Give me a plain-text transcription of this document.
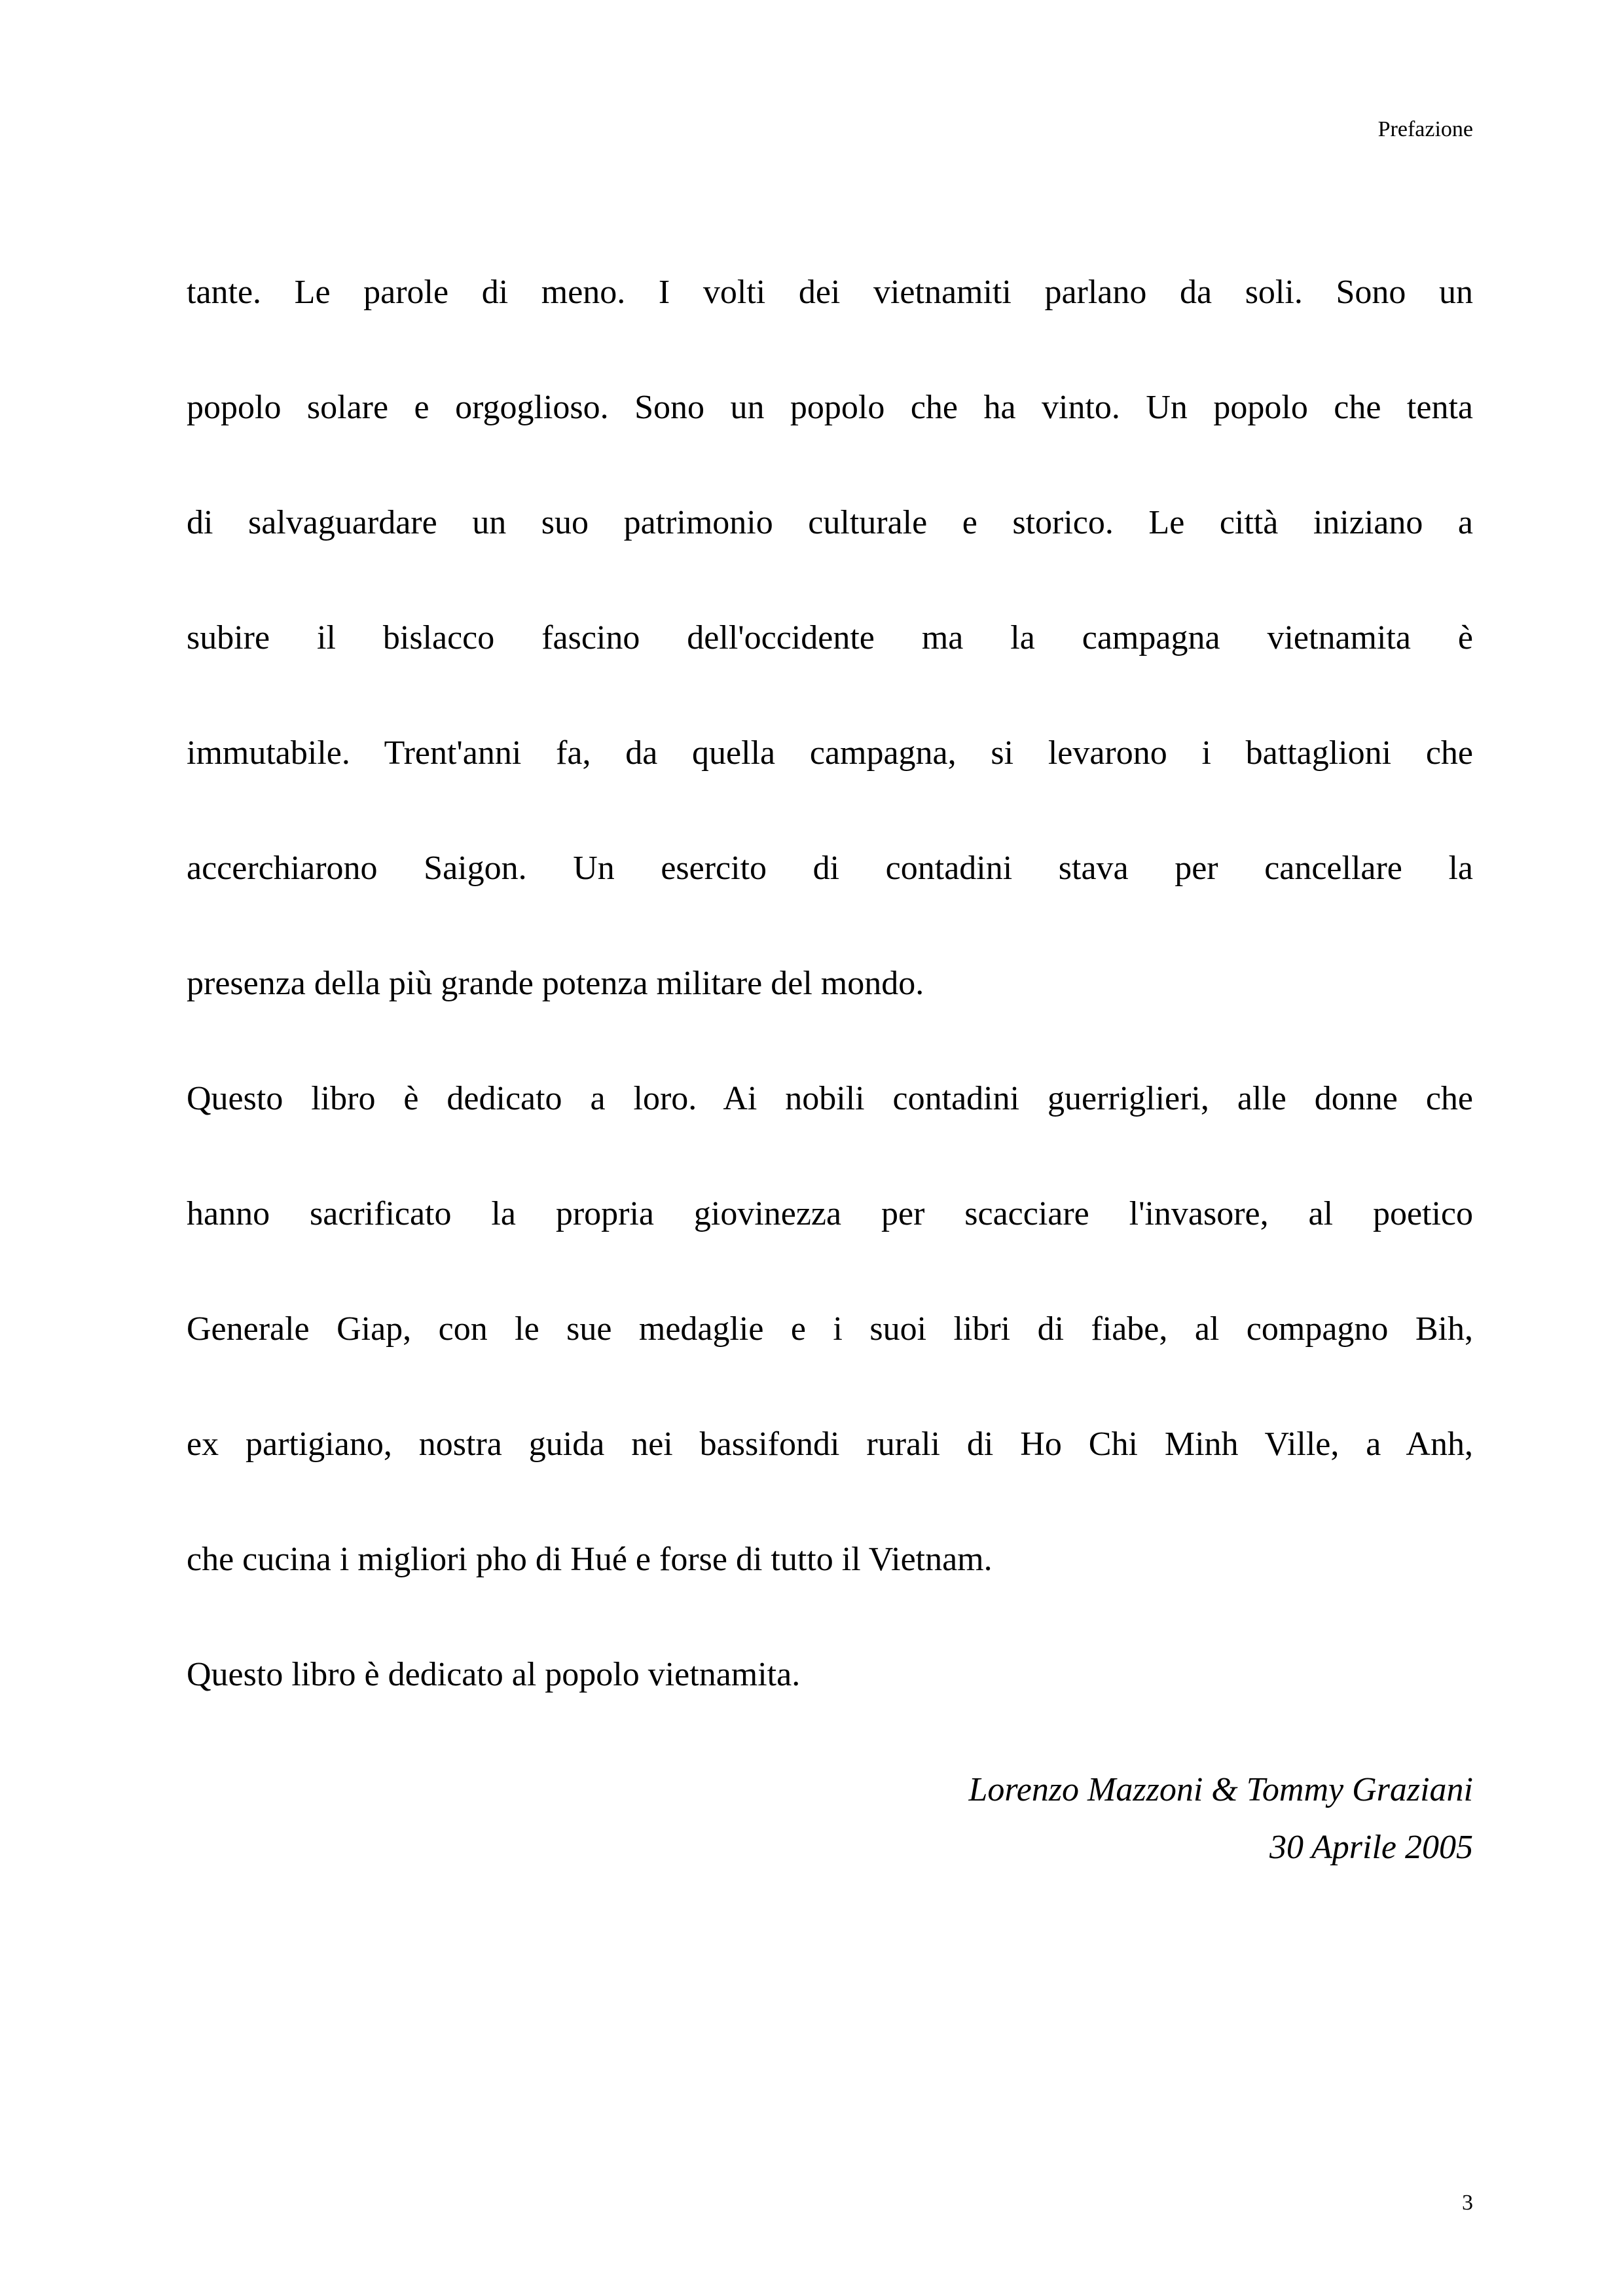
Prefazione
tante. Le parole di meno. I volti dei vietnamiti parlano da soli. Sono un
popolo solare e orgoglioso. Sono un popolo che ha vinto. Un popolo che tenta
di salvaguardare un suo patrimonio culturale e storico. Le città iniziano a
subire il bislacco fascino dell'occidente ma la campagna vietnamita è
immutabile. Trent'anni fa, da quella campagna, si levarono i battaglioni che
accerchiarono Saigon. Un esercito di contadini stava per cancellare la
presenza della più grande potenza militare del mondo.
Questo libro è dedicato a loro. Ai nobili contadini guerriglieri, alle donne che
hanno sacrificato la propria giovinezza per scacciare l'invasore, al poetico
Generale Giap, con le sue medaglie e i suoi libri di fiabe, al compagno Bih,
ex partigiano, nostra guida nei bassifondi rurali di Ho Chi Minh Ville, a Anh,
che cucina i migliori pho di Hué e forse di tutto il Vietnam.
Questo libro è dedicato al popolo vietnamita.
Lorenzo Mazzoni & Tommy Graziani
30 Aprile 2005
3
